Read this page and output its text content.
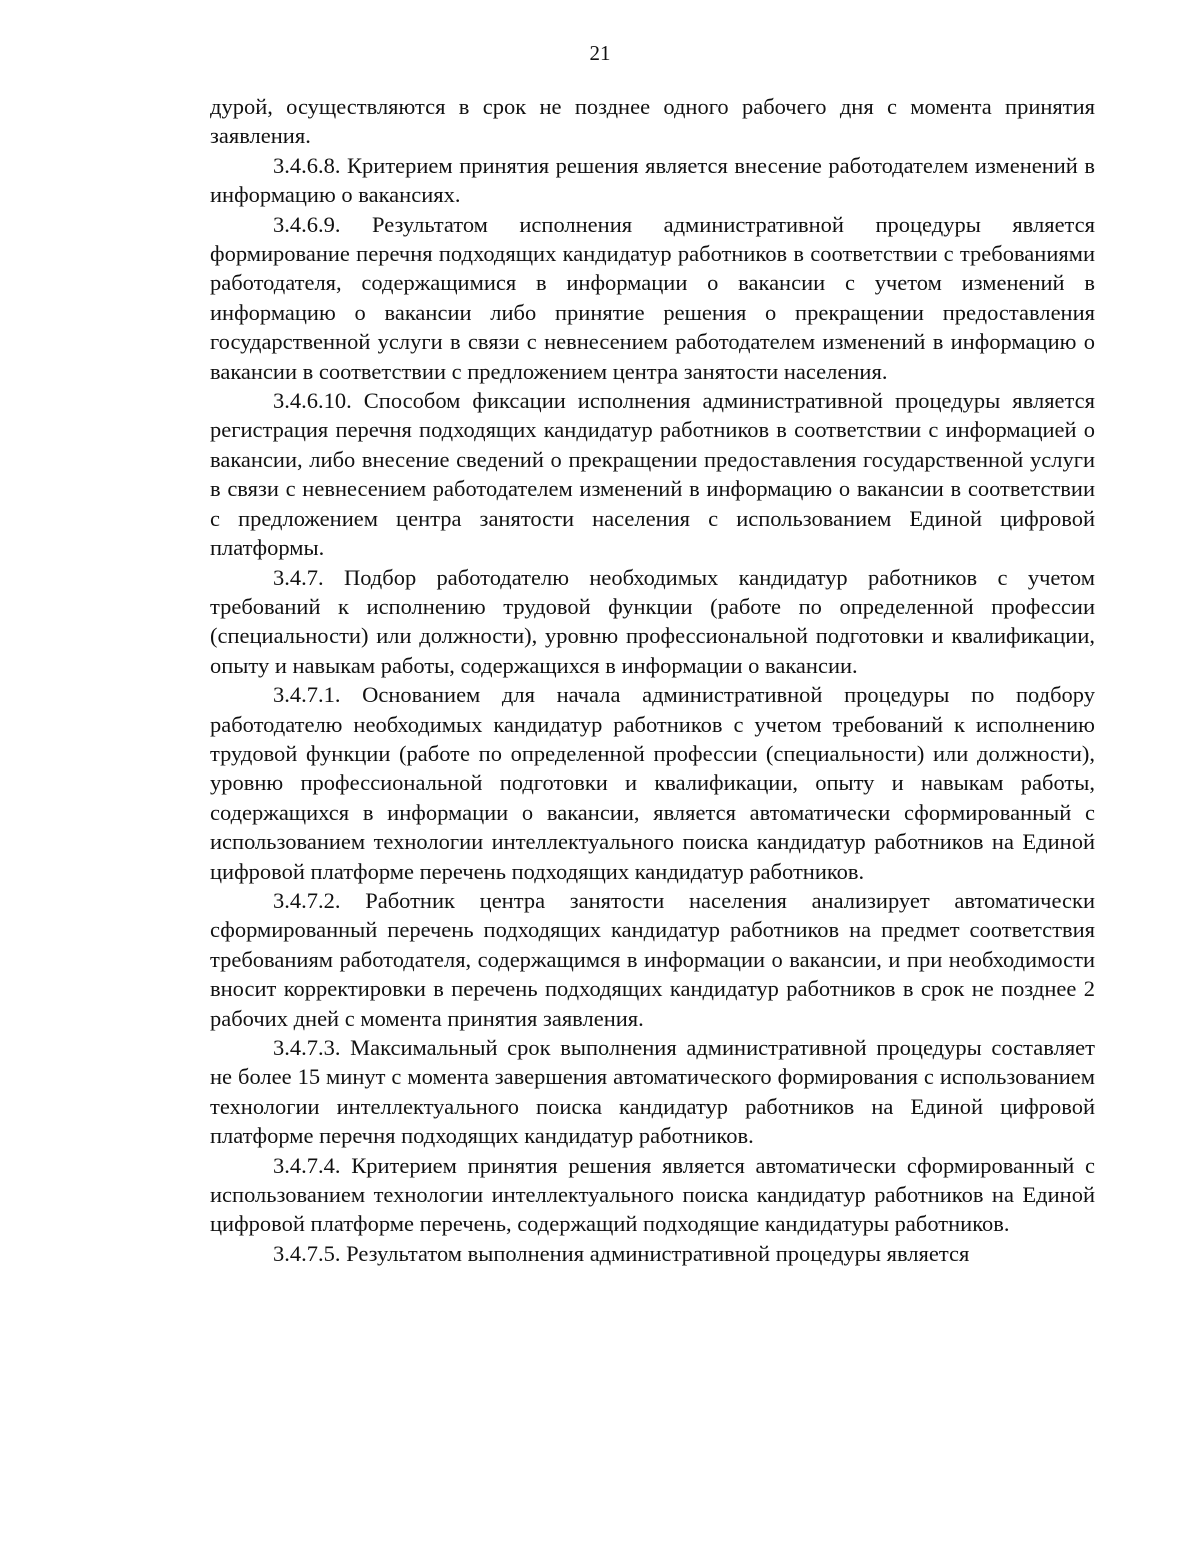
21

дурой, осуществляются в срок не позднее одного рабочего дня с момента принятия заявления.

3.4.6.8. Критерием принятия решения является внесение работодателем изменений в информацию о вакансиях.

3.4.6.9. Результатом исполнения административной процедуры является формирование перечня подходящих кандидатур работников в соответствии с требованиями работодателя, содержащимися в информации о вакансии с учетом изменений в информацию о вакансии либо принятие решения о прекращении предоставления государственной услуги в связи с невнесением работодателем изменений в информацию о вакансии в соответствии с предложением центра занятости населения.

3.4.6.10. Способом фиксации исполнения административной процедуры является регистрация перечня подходящих кандидатур работников в соответствии с информацией о вакансии, либо внесение сведений о прекращении предоставления государственной услуги в связи с невнесением работодателем изменений в информацию о вакансии в соответствии с предложением центра занятости населения с использованием Единой цифровой платформы.

3.4.7. Подбор работодателю необходимых кандидатур работников с учетом требований к исполнению трудовой функции (работе по определенной профессии (специальности) или должности), уровню профессиональной подготовки и квалификации, опыту и навыкам работы, содержащихся в информации о вакансии.

3.4.7.1. Основанием для начала административной процедуры по подбору работодателю необходимых кандидатур работников с учетом требований к исполнению трудовой функции (работе по определенной профессии (специальности) или должности), уровню профессиональной подготовки и квалификации, опыту и навыкам работы, содержащихся в информации о вакансии, является автоматически сформированный с использованием технологии интеллектуального поиска кандидатур работников на Единой цифровой платформе перечень подходящих кандидатур работников.

3.4.7.2. Работник центра занятости населения анализирует автоматически сформированный перечень подходящих кандидатур работников на предмет соответствия требованиям работодателя, содержащимся в информации о вакансии, и при необходимости вносит корректировки в перечень подходящих кандидатур работников в срок не позднее 2 рабочих дней с момента принятия заявления.

3.4.7.3. Максимальный срок выполнения административной процедуры составляет не более 15 минут с момента завершения автоматического формирования с использованием технологии интеллектуального поиска кандидатур работников на Единой цифровой платформе перечня подходящих кандидатур работников.

3.4.7.4. Критерием принятия решения является автоматически сформированный с использованием технологии интеллектуального поиска кандидатур работников на Единой цифровой платформе перечень, содержащий подходящие кандидатуры работников.

3.4.7.5. Результатом выполнения административной процедуры является
